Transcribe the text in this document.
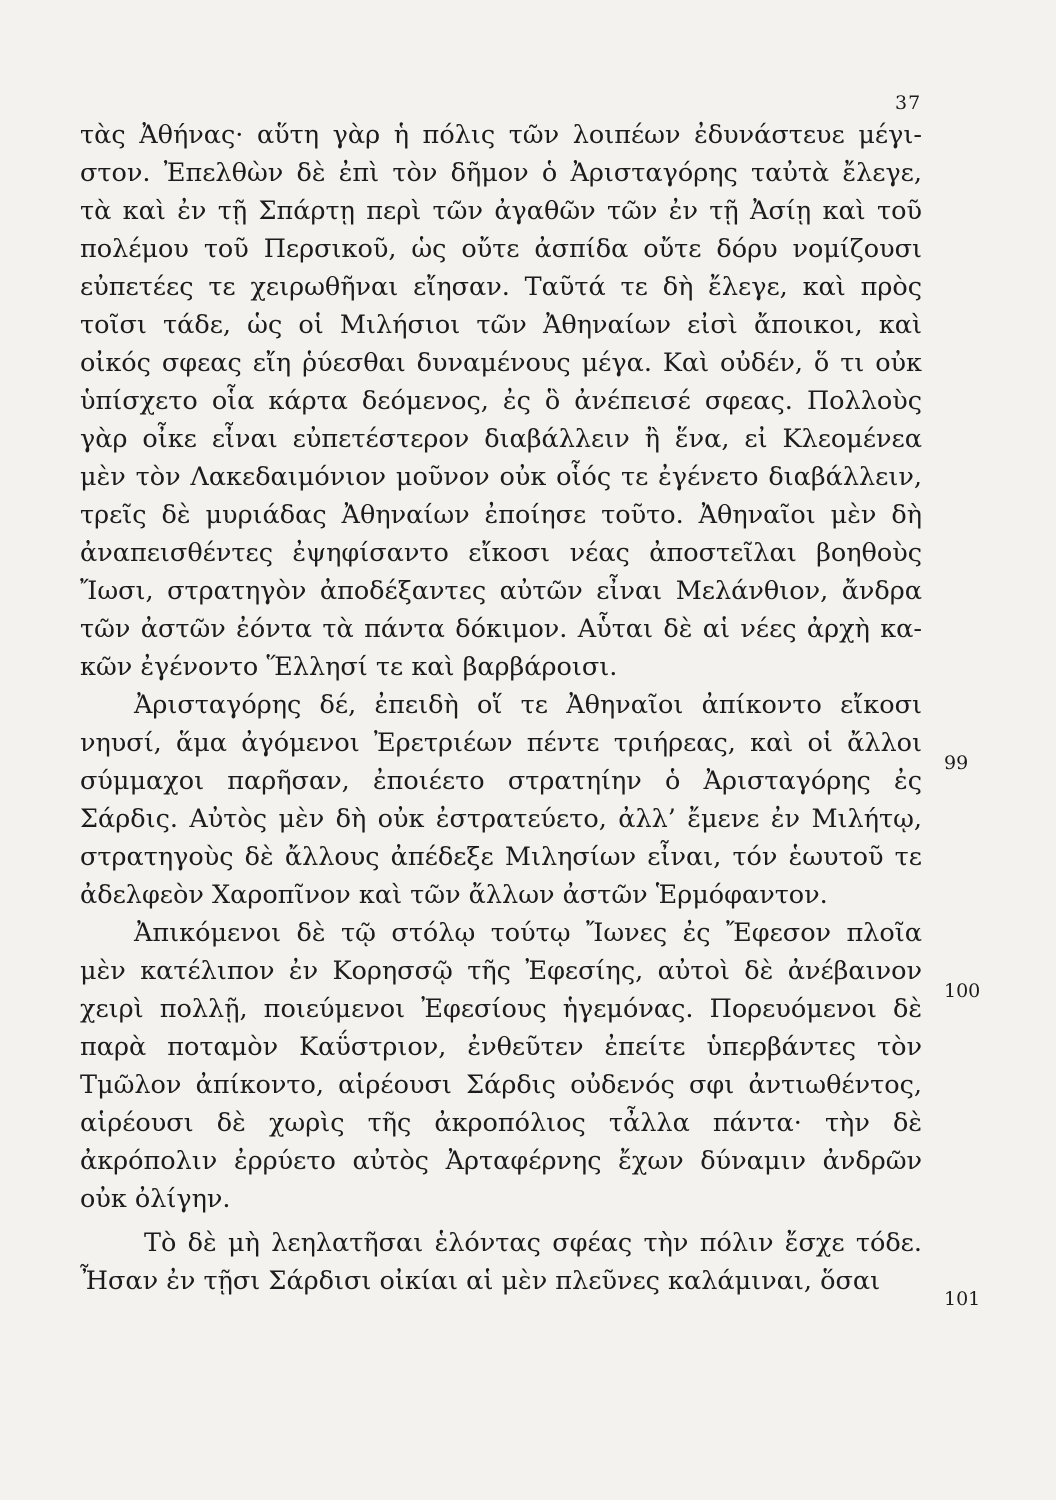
37
τὰς Ἀθήνας· αὕτη γὰρ ἡ πόλις τῶν λοιπέων ἐδυνάστευε μέγι-
στον. Ἐπελθὼν δὲ ἐπὶ τὸν δῆμον ὁ Ἀρισταγόρης ταὐτὰ ἔλεγε,
τὰ καὶ ἐν τῇ Σπάρτῃ περὶ τῶν ἀγαθῶν τῶν ἐν τῇ Ἀσίῃ καὶ τοῦ
πολέμου τοῦ Περσικοῦ, ὡς οὔτε ἀσπίδα οὔτε δόρυ νομίζουσι
εὐπετέες τε χειρωθῆναι εἴησαν. Ταῦτά τε δὴ ἔλεγε, καὶ πρὸς
τοῖσι τάδε, ὡς οἱ Μιλήσιοι τῶν Ἀθηναίων εἰσὶ ἄποικοι, καὶ
οἰκός σφεας εἴη ῥύεσθαι δυναμένους μέγα. Καὶ οὐδέν, ὅ τι οὐκ
ὑπίσχετο οἷα κάρτα δεόμενος, ἐς ὃ ἀνέπεισέ σφεας. Πολλοὺς
γὰρ οἶκε εἶναι εὐπετέστερον διαβάλλειν ἢ ἕνα, εἰ Κλεομένεα
μὲν τὸν Λακεδαιμόνιον μοῦνον οὐκ οἷός τε ἐγένετο διαβάλλειν,
τρεῖς δὲ μυριάδας Ἀθηναίων ἐποίησε τοῦτο. Ἀθηναῖοι μὲν δὴ
ἀναπεισθέντες ἐψηφίσαντο εἴκοσι νέας ἀποστεῖλαι βοηθοὺς
Ἴωσι, στρατηγὸν ἀποδέξαντες αὐτῶν εἶναι Μελάνθιον, ἄνδρα
τῶν ἀστῶν ἐόντα τὰ πάντα δόκιμον. Αὗται δὲ αἱ νέες ἀρχὴ κα-
κῶν ἐγένοντο Ἕλλησί τε καὶ βαρβάροισι.
Ἀρισταγόρης δέ, ἐπειδὴ οἵ τε Ἀθηναῖοι ἀπίκοντο εἴκοσι
νηυσί, ἅμα ἀγόμενοι Ἐρετριέων πέντε τριήρεας, καὶ οἱ ἄλλοι
σύμμαχοι παρῆσαν, ἐποιέετο στρατηίην ὁ Ἀρισταγόρης ἐς
Σάρδις. Αὐτὸς μὲν δὴ οὐκ ἐστρατεύετο, ἀλλ’ ἔμενε ἐν Μιλήτῳ,
στρατηγοὺς δὲ ἄλλους ἀπέδεξε Μιλησίων εἶναι, τόν ἑωυτοῦ τε
ἀδελφεὸν Χαροπῖνον καὶ τῶν ἄλλων ἀστῶν Ἑρμόφαντον.
Ἀπικόμενοι δὲ τῷ στόλῳ τούτῳ Ἴωνες ἐς Ἔφεσον πλοῖα
μὲν κατέλιπον ἐν Κορησσῷ τῆς Ἐφεσίης, αὐτοὶ δὲ ἀνέβαινον
χειρὶ πολλῇ, ποιεύμενοι Ἐφεσίους ἡγεμόνας. Πορευόμενοι δὲ
παρὰ ποταμὸν Καΰστριον, ἐνθεῦτεν ἐπείτε ὑπερβάντες τὸν
Τμῶλον ἀπίκοντο, αἱρέουσι Σάρδις οὐδενός σφι ἀντιωθέντος,
αἱρέουσι δὲ χωρὶς τῆς ἀκροπόλιος τἆλλα πάντα· τὴν δὲ
ἀκρόπολιν ἐρρύετο αὐτὸς Ἀρταφέρνης ἔχων δύναμιν ἀνδρῶν
οὐκ ὀλίγην.
Τὸ δὲ μὴ λεηλατῆσαι ἑλόντας σφέας τὴν πόλιν ἔσχε τόδε.
Ἦσαν ἐν τῇσι Σάρδισι οἰκίαι αἱ μὲν πλεῦνες καλάμιναι, ὅσαι
99
100
101
